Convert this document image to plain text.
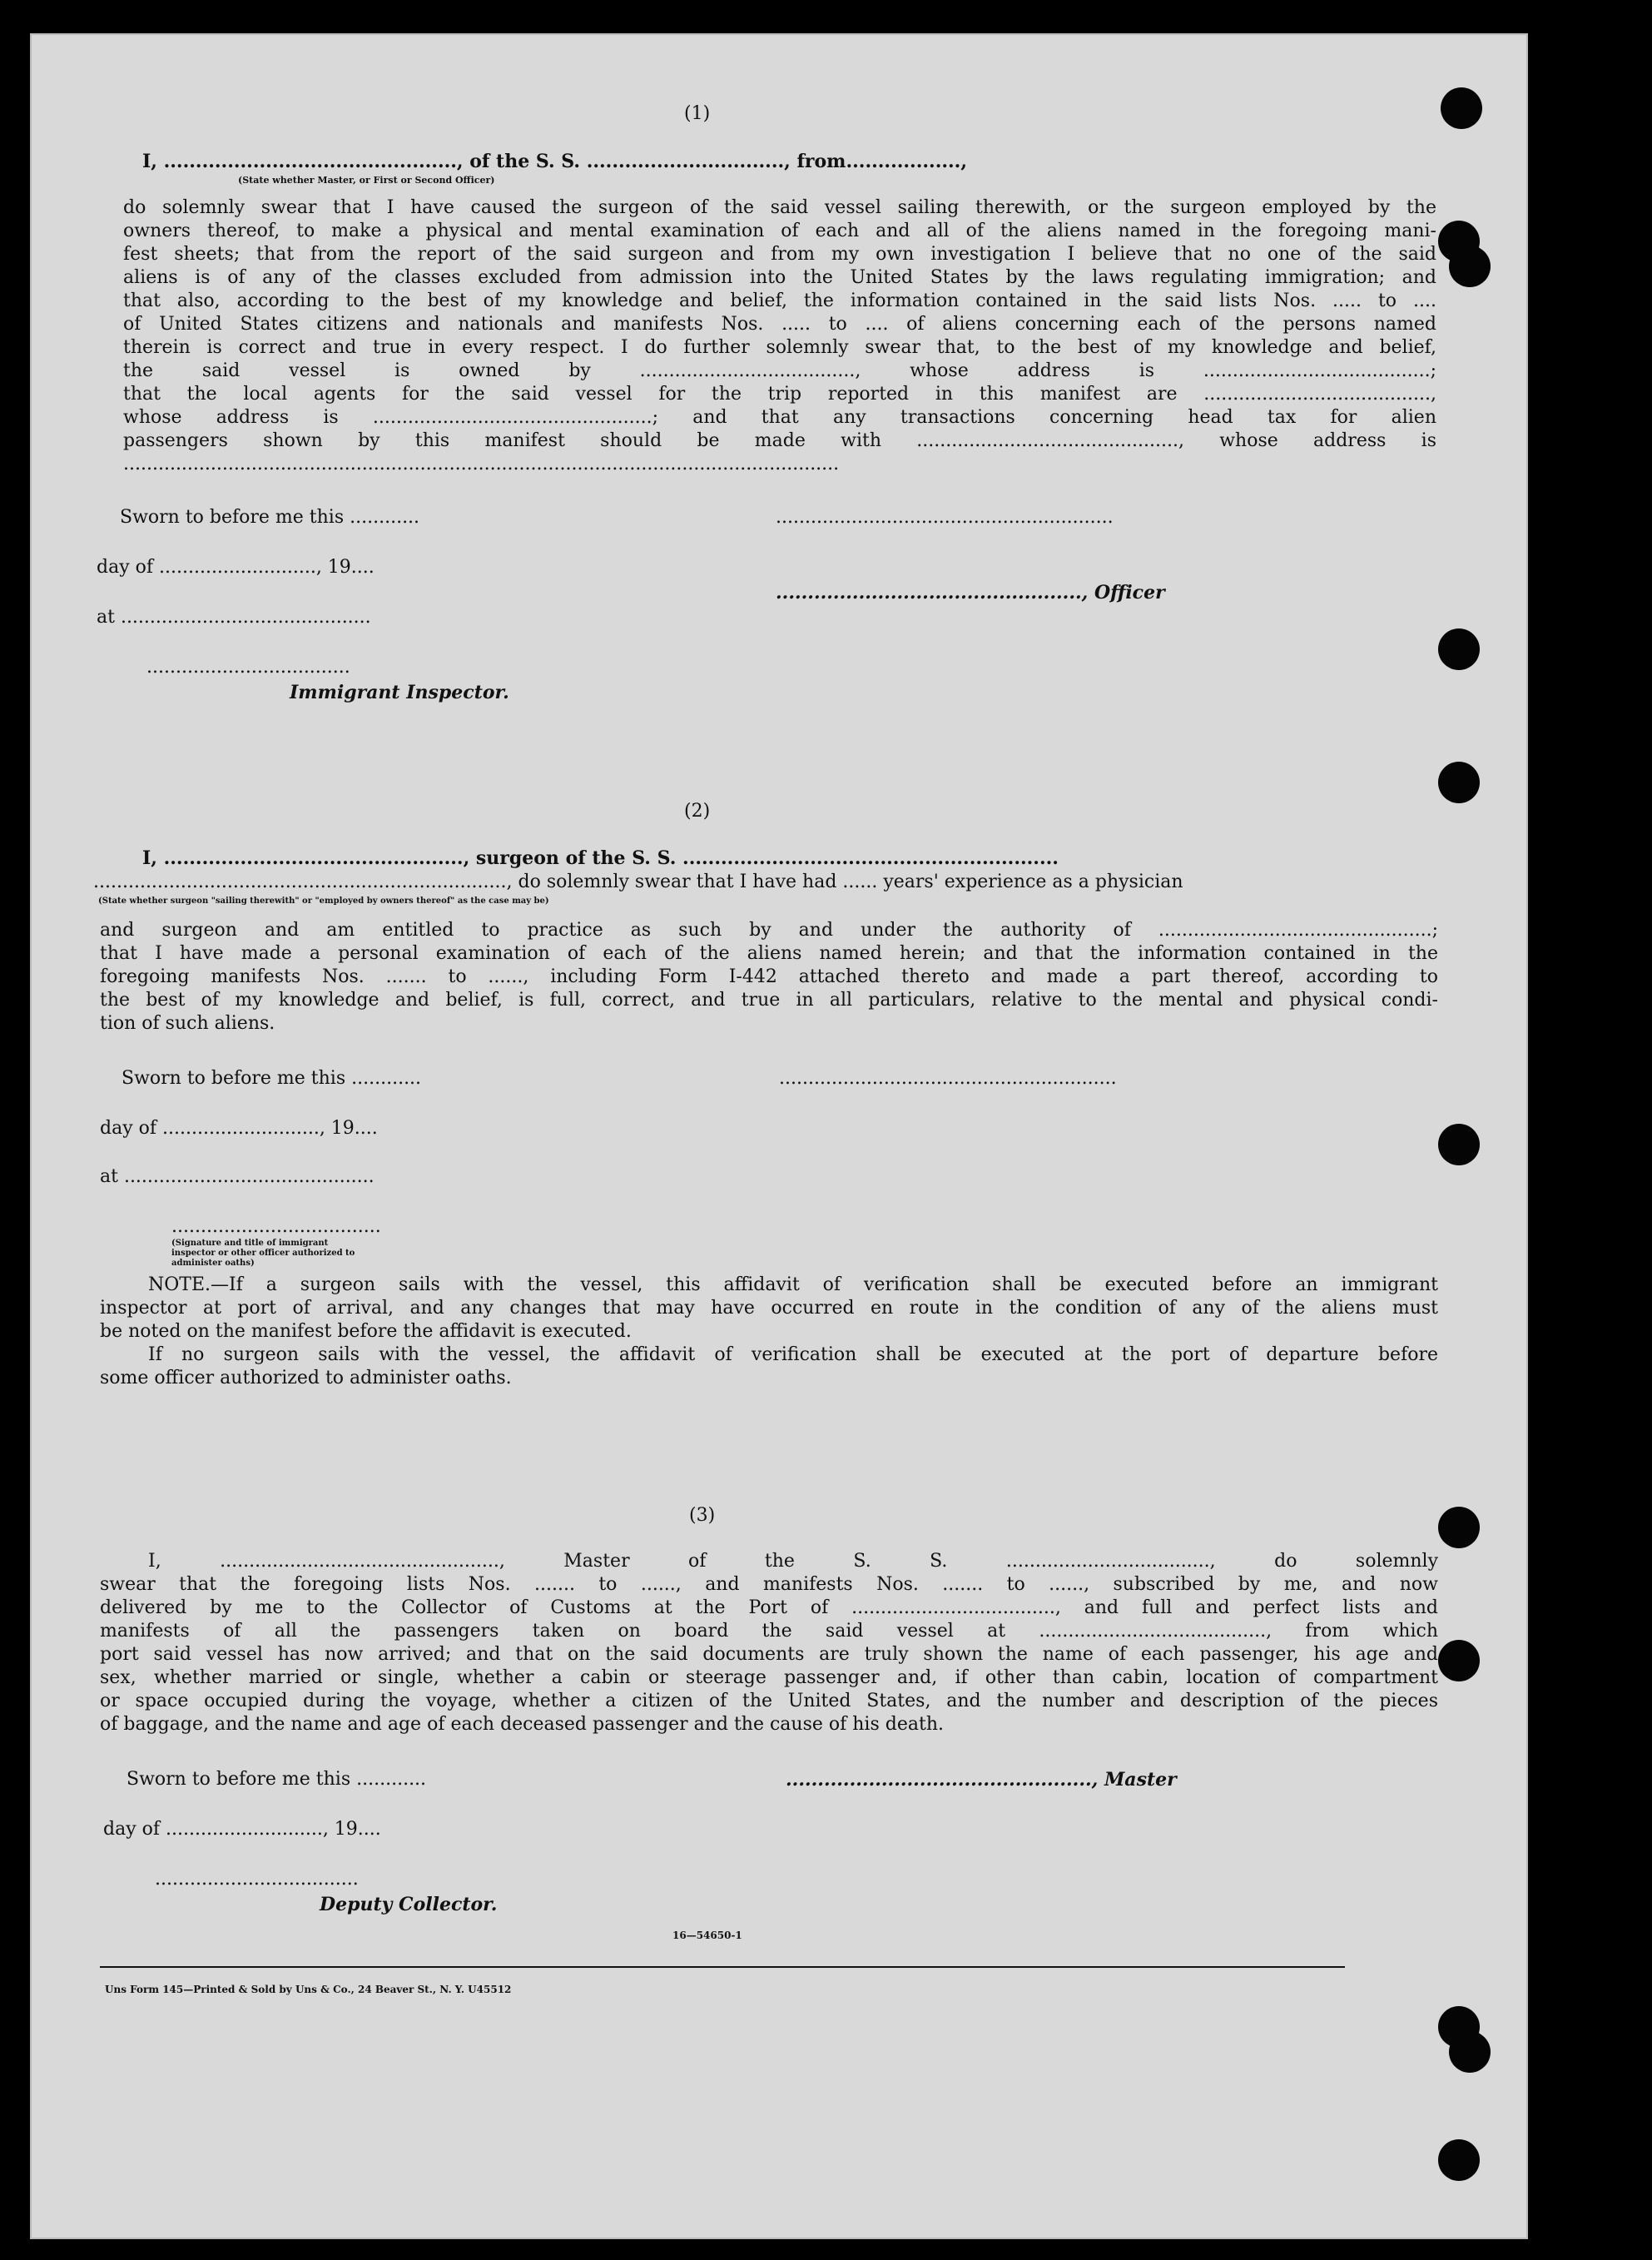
(1)
I, .............................................., of the S. S. ..............................., from..................,
(State whether Master, or First or Second Officer)
do solemnly swear that I have caused the surgeon of the said vessel sailing therewith, or the surgeon employed by the
owners thereof, to make a physical and mental examination of each and all of the aliens named in the foregoing mani-
fest sheets; that from the report of the said surgeon and from my own investigation I believe that no one of the said
aliens is of any of the classes excluded from admission into the United States by the laws regulating immigration; and
that also, according to the best of my knowledge and belief, the information contained in the said lists Nos. ..... to ....
of United States citizens and nationals and manifests Nos. ..... to .... of aliens concerning each of the persons named
therein is correct and true in every respect. I do further solemnly swear that, to the best of my knowledge and belief,
the said vessel is owned by ....................................., whose address is .......................................;
that the local agents for the said vessel for the trip reported in this manifest are .......................................,
whose address is ................................................; and that any transactions concerning head tax for alien
passengers shown by this manifest should be made with ............................................., whose address is
...........................................................................................................................
Sworn to before me this ............	..........................................................
day of ..........................., 19....
................................................, Officer
at ...........................................
...................................
Immigrant Inspector.
(2)
I, ..............................................., surgeon of the S. S. ...........................................................
......................................................................., do solemnly swear that I have had ...... years' experience as a physician
(State whether surgeon "sailing therewith" or "employed by owners thereof" as the case may be)
and surgeon and am entitled to practice as such by and under the authority of ...............................................;
that I have made a personal examination of each of the aliens named herein; and that the information contained in the
foregoing manifests Nos. ....... to ......, including Form I-442 attached thereto and made a part thereof, according to
the best of my knowledge and belief, is full, correct, and true in all particulars, relative to the mental and physical condi-
tion of such aliens.
Sworn to before me this ............	..........................................................
day of ..........................., 19....
at ...........................................
....................................
(Signature and title of immigrant inspector or other officer authorized to administer oaths)
NOTE.—If a surgeon sails with the vessel, this affidavit of verification shall be executed before an immigrant
inspector at port of arrival, and any changes that may have occurred en route in the condition of any of the aliens must
be noted on the manifest before the affidavit is executed.
If no surgeon sails with the vessel, the affidavit of verification shall be executed at the port of departure before
some officer authorized to administer oaths.
(3)
I, ................................................, Master of the S. S. ..................................., do solemnly
swear that the foregoing lists Nos. ....... to ......, and manifests Nos. ....... to ......, subscribed by me, and now
delivered by me to the Collector of Customs at the Port of ..................................., and full and perfect lists and
manifests of all the passengers taken on board the said vessel at ......................................., from which
port said vessel has now arrived; and that on the said documents are truly shown the name of each passenger, his age and
sex, whether married or single, whether a cabin or steerage passenger and, if other than cabin, location of compartment
or space occupied during the voyage, whether a citizen of the United States, and the number and description of the pieces
of baggage, and the name and age of each deceased passenger and the cause of his death.
Sworn to before me this ............	................................................, Master
day of ..........................., 19....
...................................
Deputy Collector.
16—54650-1
Uns Form 145—Printed & Sold by Uns & Co., 24 Beaver St., N. Y. U45512
